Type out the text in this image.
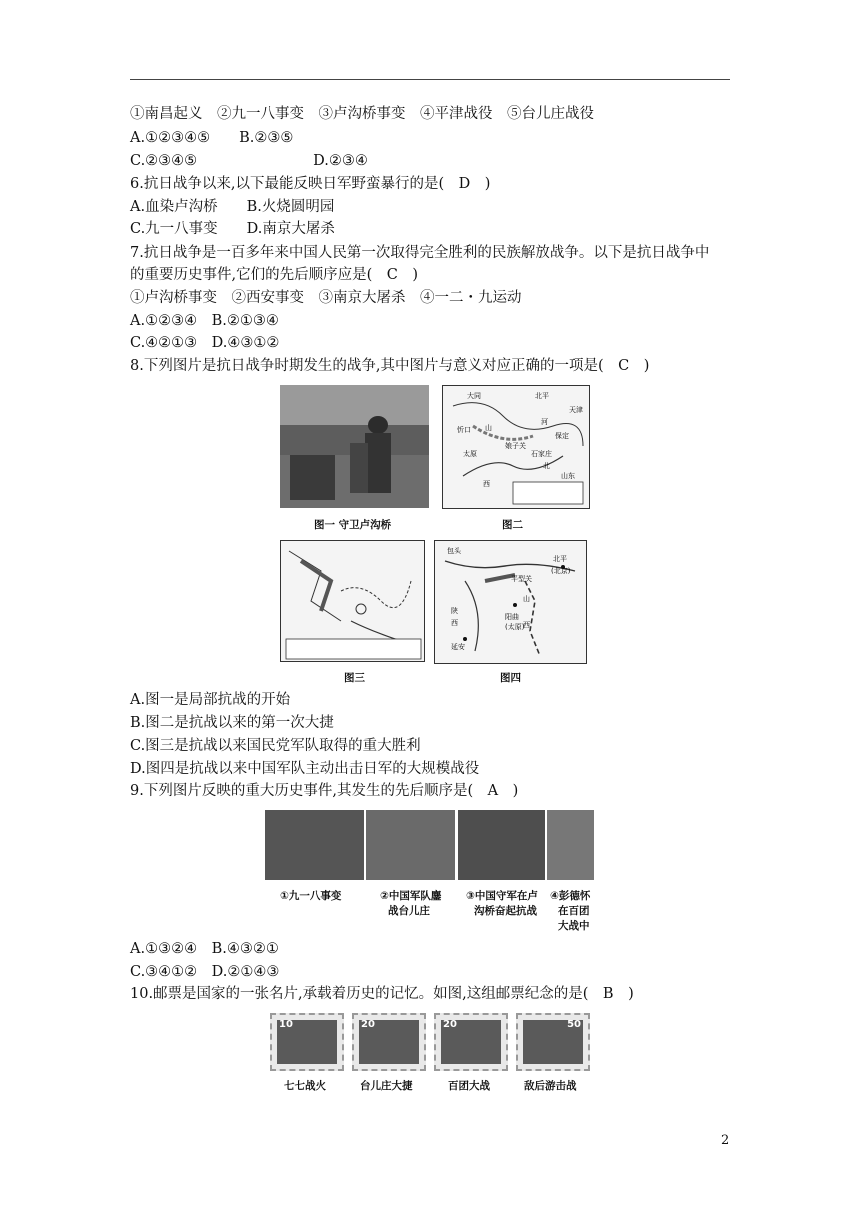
①南昌起义　②九一八事变　③卢沟桥事变　④平津战役　⑤台儿庄战役
A.①②③④⑤　　B.②③⑤
C.②③④⑤　　　　　　　　D.②③④
6.抗日战争以来,以下最能反映日军野蛮暴行的是(　D　)
A.血染卢沟桥　　B.火烧圆明园
C.九一八事变　　D.南京大屠杀
7.抗日战争是一百多年来中国人民第一次取得完全胜利的民族解放战争。以下是抗日战争中
的重要历史事件,它们的先后顺序应是(　C　)
①卢沟桥事变　②西安事变　③南京大屠杀　④一二・九运动
A.①②③④　B.②①③④
C.④②①③　D.④③①②
8.下列图片是抗日战争时期发生的战争,其中图片与意义对应正确的一项是(　C　)
图一 守卫卢沟桥
大同	北平
天津
忻口 山
河
太原	石家庄
北
西
山东
娘子关
保定
图二
图三
包头
北平
(北京)
平型关
阳曲
(太原)
山
西
陕
西
延安
图四
A.图一是局部抗战的开始
B.图二是抗战以来的第一次大捷
C.图三是抗战以来国民党军队取得的重大胜利
D.图四是抗战以来中国军队主动出击日军的大规模战役
9.下列图片反映的重大历史事件,其发生的先后顺序是(　A　)
①九一八事变	②中国军队鏖
战台儿庄
③中国守军在卢
沟桥奋起抗战
④彭德怀
在百团
大战中
A.①③②④　B.④③②①
C.③④①②　D.②①④③
10.邮票是国家的一张名片,承载着历史的记忆。如图,这组邮票纪念的是(　B　)
10	20	20	50
七七战火	台儿庄大捷	百团大战	敌后游击战
2
